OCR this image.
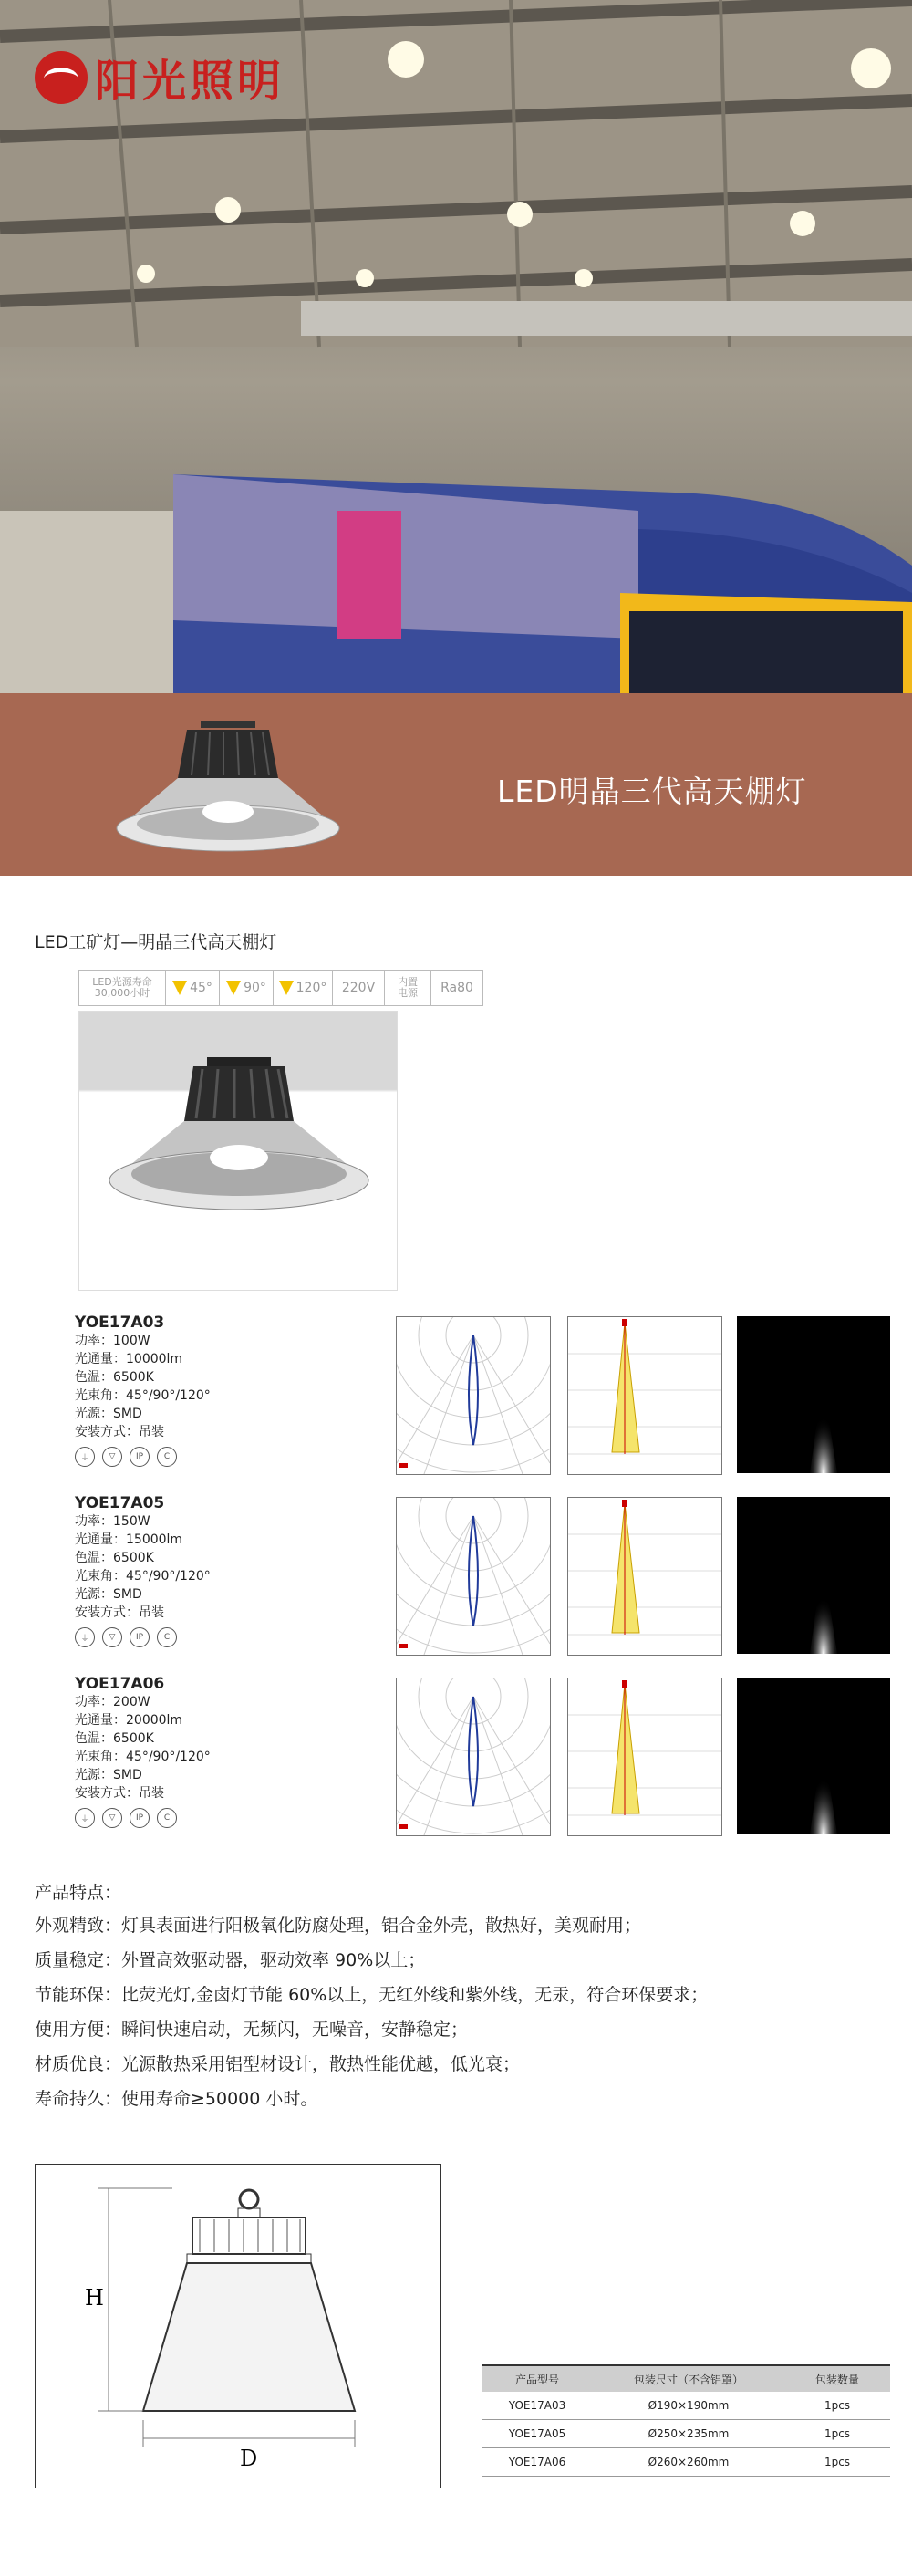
阳光照明
LED明晶三代高天棚灯
LED工矿灯—明晶三代高天棚灯
LED光源寿命
30,000小时	45° 90° 120°	220V	内置
电源	Ra80
YOE17A03
功率：100W
光通量：10000lm
色温：6500K
光束角：45°/90°/120°
光源：SMD
安装方式：吊装
⏚	▽	IP	C
YOE17A05
功率：150W
光通量：15000lm
色温：6500K
光束角：45°/90°/120°
光源：SMD
安装方式：吊装
⏚	▽	IP	C
YOE17A06
功率：200W
光通量：20000lm
色温：6500K
光束角：45°/90°/120°
光源：SMD
安装方式：吊装
⏚	▽	IP	C
产品特点：
外观精致：灯具表面进行阳极氧化防腐处理，铝合金外壳，散热好，美观耐用；
质量稳定：外置高效驱动器，驱动效率 90%以上；
节能环保：比荧光灯,金卤灯节能 60%以上，无红外线和紫外线，无汞，符合环保要求；
使用方便：瞬间快速启动，无频闪，无噪音，安静稳定；
材质优良：光源散热采用铝型材设计，散热性能优越，低光衰；
寿命持久：使用寿命≥50000 小时。
H
D
产品型号	包装尺寸（不含铝罩）	包装数量
YOE17A03	Ø190×190mm	1pcs
YOE17A05	Ø250×235mm	1pcs
YOE17A06	Ø260×260mm	1pcs
